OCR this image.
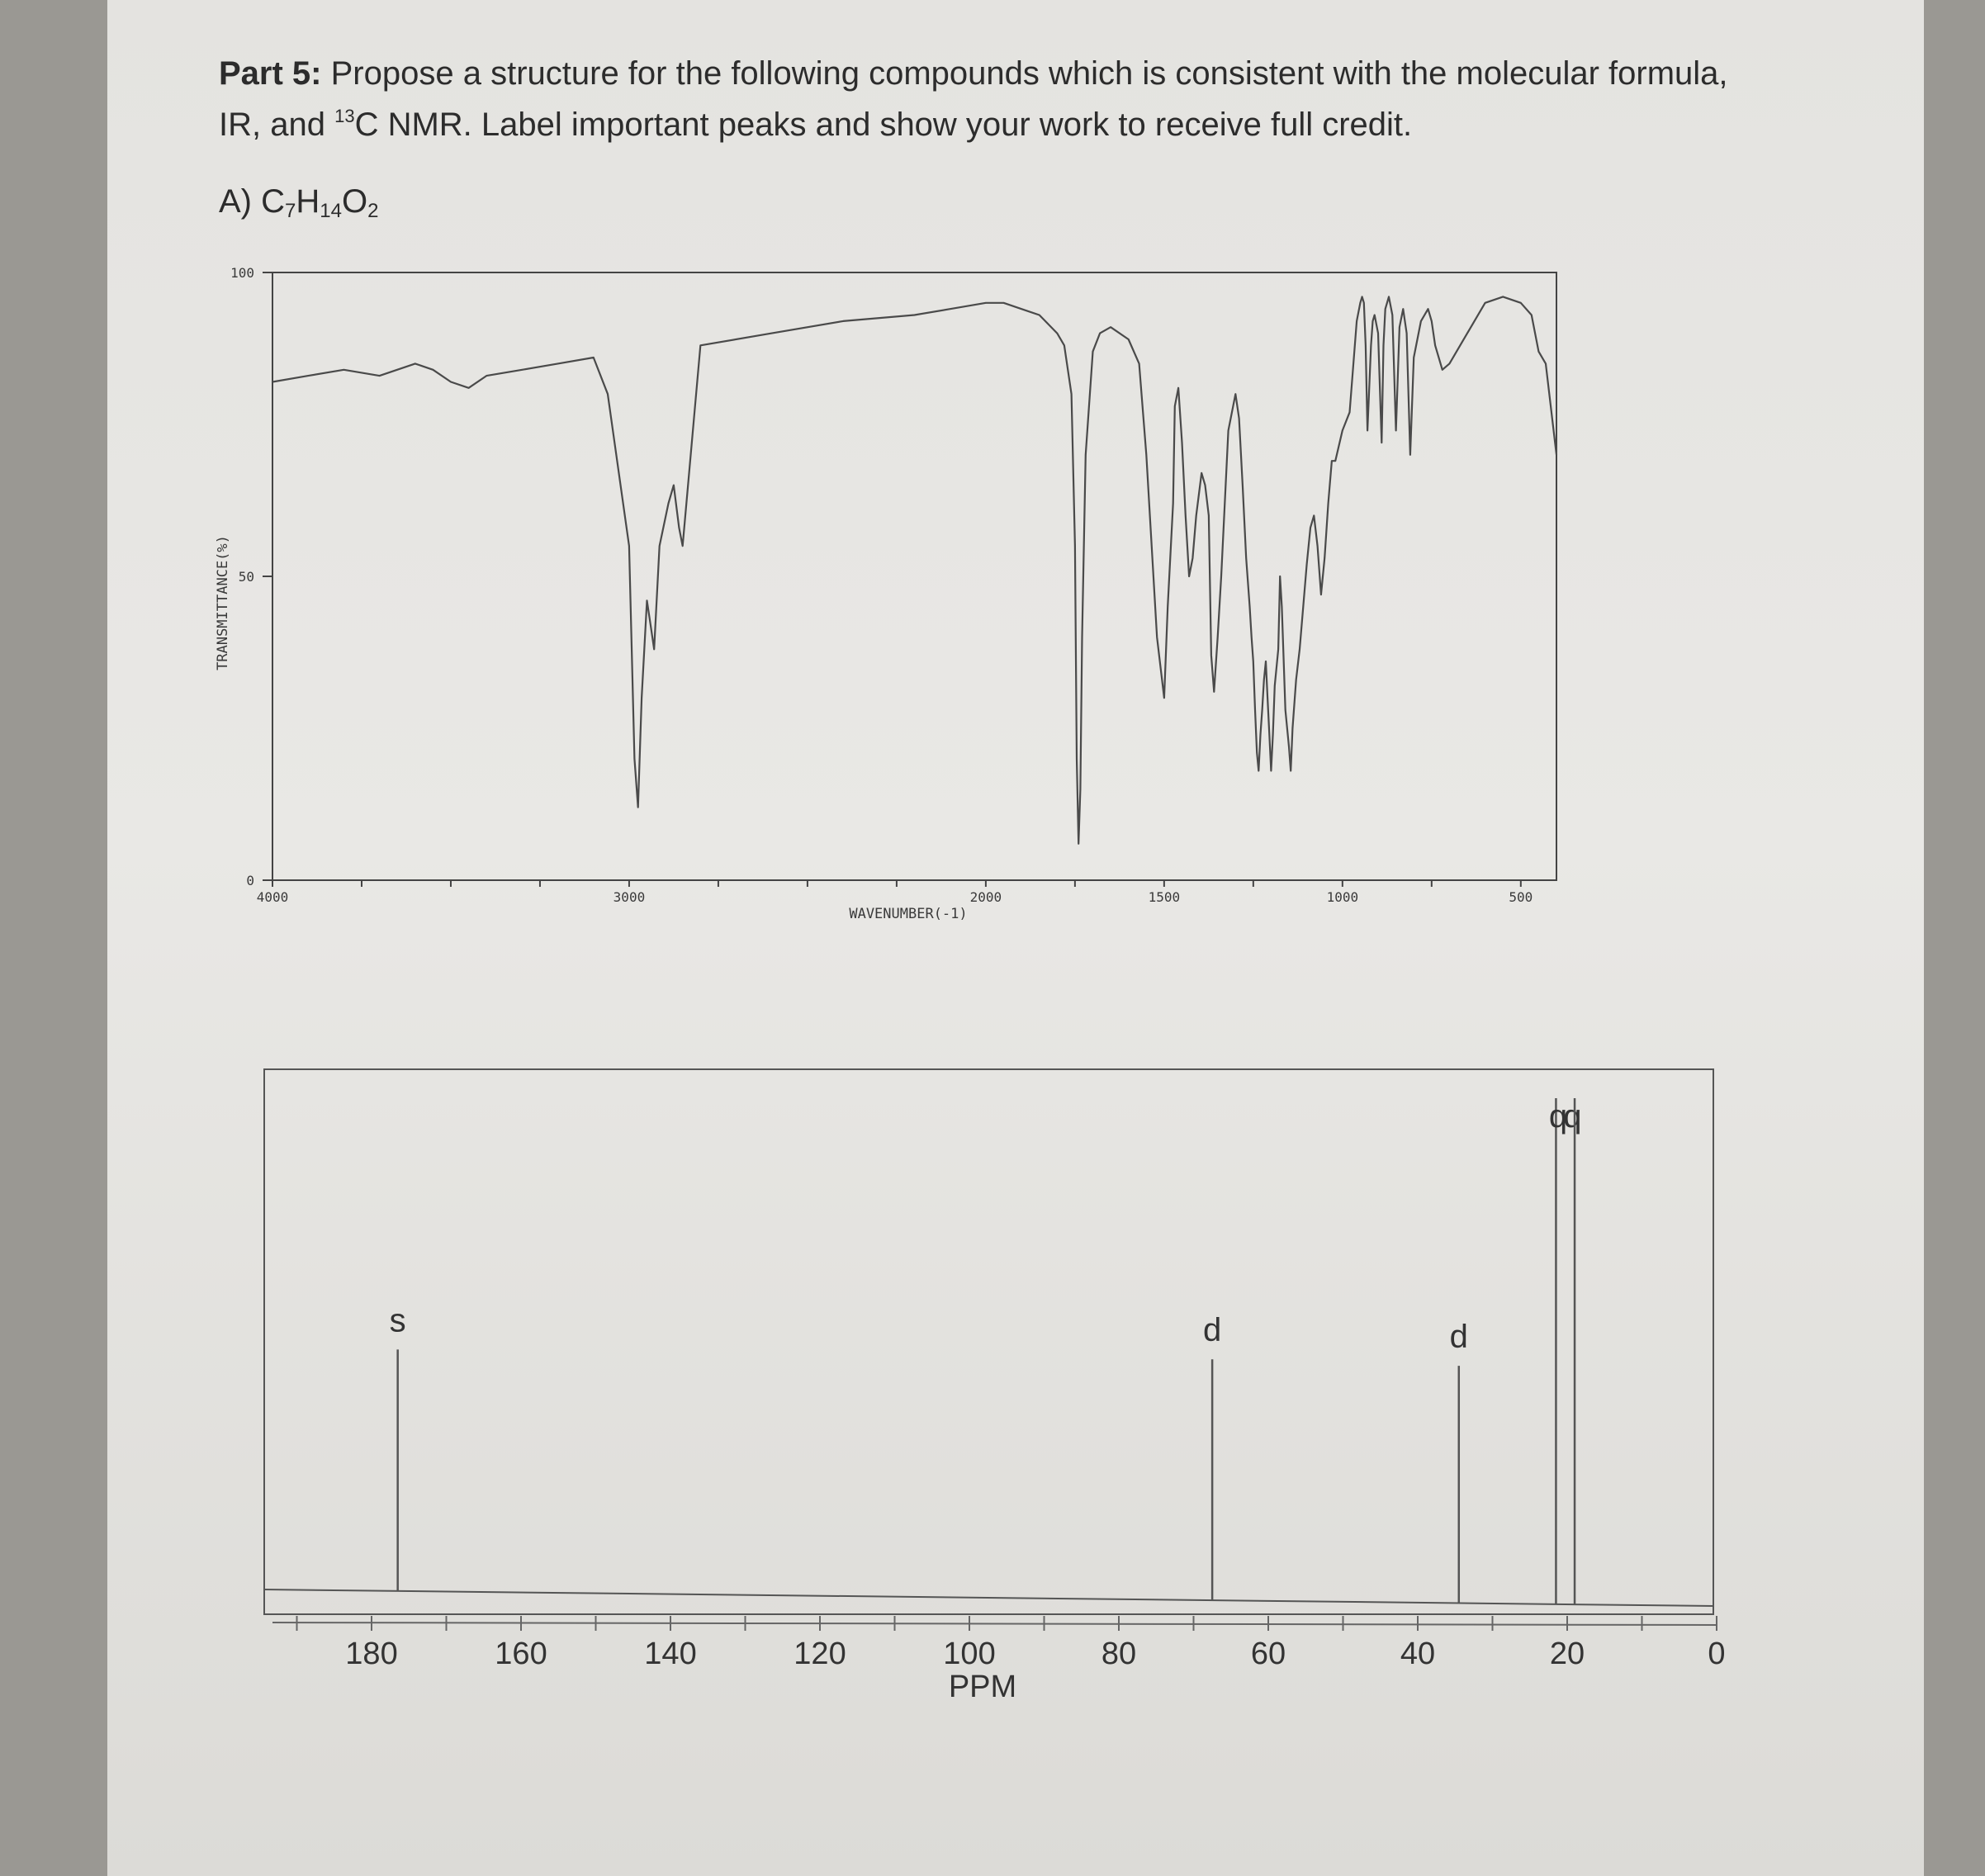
Part 5: Propose a structure for the following compounds which is consistent with the molecular formula,
IR, and $^{13}$C NMR. Label important peaks and show your work to receive full credit.
A) $C_7H_{14}O_2$
TRANSMITTANCE(%)
WAVENUMBER(-1)
100
50
0
4000	3000	2000	1500	1000	500
PPM
180	160	140	120	100	80	60	40	20	0
s	d	d
q
q
